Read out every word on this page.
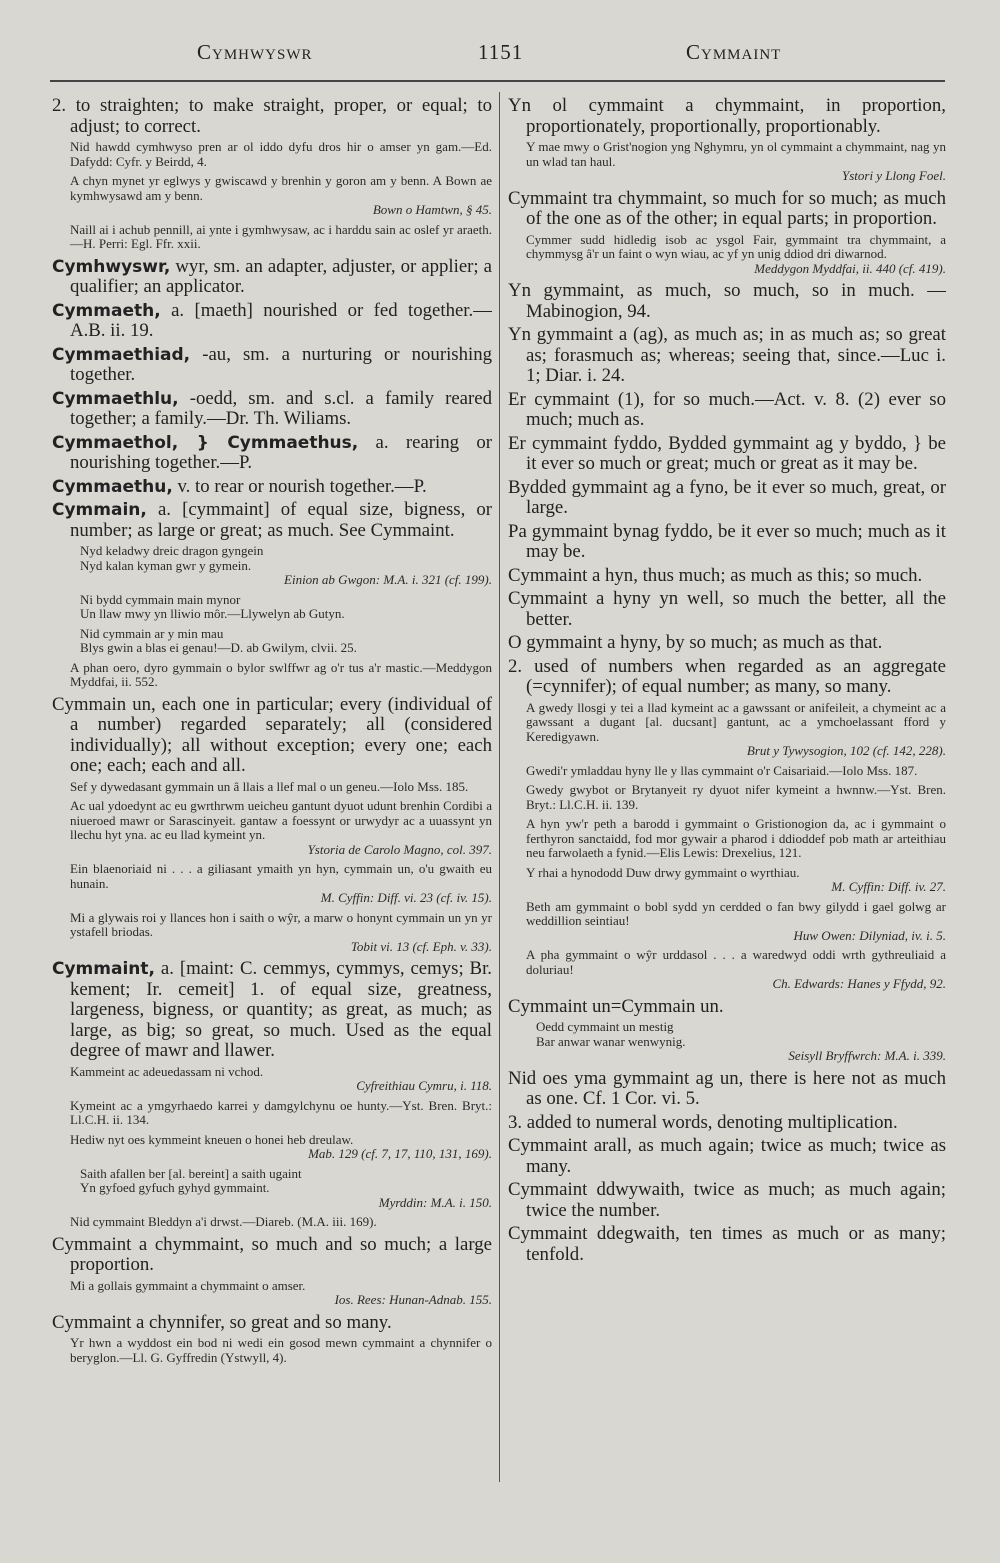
Cymhwyswr	1151	Cymmaint
2. to straighten; to make straight, proper, or equal; to adjust; to correct.
Nid hawdd cymhwyso pren ar ol iddo dyfu dros hir o amser yn gam.—Ed. Dafydd: Cyfr. y Beirdd, 4.
A chyn mynet yr eglwys y gwiscawd y brenhin y goron am y benn. A Bown ae kymhwysawd am y benn.
Bown o Hamtwn, § 45.
Naill ai i achub pennill, ai ynte i gymhwysaw, ac i harddu sain ac oslef yr araeth.—H. Perri: Egl. Ffr. xxii.
Cymhwyswr, wyr, sm. an adapter, adjuster, or applier; a qualifier; an applicator.
Cymmaeth, a. [maeth] nourished or fed together.—A.B. ii. 19.
Cymmaethiad, -au, sm. a nurturing or nourishing together.
Cymmaethlu, -oedd, sm. and s.cl. a family reared together; a family.—Dr. Th. Wiliams.
Cymmaethol, } Cymmaethus, a. rearing or nourishing together.—P.
Cymmaethu, v. to rear or nourish together.—P.
Cymmain, a. [cymmaint] of equal size, bigness, or number; as large or great; as much. See Cymmaint.
Nyd keladwy dreic dragon gyngein
Nyd kalan kyman gwr y gymein.
Einion ab Gwgon: M.A. i. 321 (cf. 199).
Ni bydd cymmain main mynor
Un llaw mwy yn lliwio môr.—Llywelyn ab Gutyn.
Nid cymmain ar y min mau
Blys gwin a blas ei genau!—D. ab Gwilym, clvii. 25.
A phan oero, dyro gymmain o bylor swlffwr ag o'r tus a'r mastic.—Meddygon Myddfai, ii. 552.
Cymmain un, each one in particular; every (individual of a number) regarded separately; all (considered individually); all without exception; every one; each one; each; each and all.
Sef y dywedasant gymmain un â llais a llef mal o un geneu.—Iolo Mss. 185.
Ac ual ydoedynt ac eu gwrthrwm ueicheu gantunt dyuot udunt brenhin Cordibi a niueroed mawr or Sarascinyeit. gantaw a foessynt or urwydyr ac a uuassynt yn llechu hyt yna. ac eu llad kymeint yn.
Ystoria de Carolo Magno, col. 397.
Ein blaenoriaid ni . . . a giliasant ymaith yn hyn, cymmain un, o'u gwaith eu hunain.
M. Cyffin: Diff. vi. 23 (cf. iv. 15).
Mi a glywais roi y llances hon i saith o wŷr, a marw o honynt cymmain un yn yr ystafell briodas.
Tobit vi. 13 (cf. Eph. v. 33).
Cymmaint, a. [maint: C. cemmys, cymmys, cemys; Br. kement; Ir. cemeit] 1. of equal size, greatness, largeness, bigness, or quantity; as great, as much; as large, as big; so great, so much. Used as the equal degree of mawr and llawer.
Kammeint ac adeuedassam ni vchod.
Cyfreithiau Cymru, i. 118.
Kymeint ac a ymgyrhaedo karrei y damgylchynu oe hunty.—Yst. Bren. Bryt.: Ll.C.H. ii. 134.
Hediw nyt oes kymmeint kneuen o honei heb dreulaw.
Mab. 129 (cf. 7, 17, 110, 131, 169).
Saith afallen ber [al. bereint] a saith ugaint
Yn gyfoed gyfuch gyhyd gymmaint.
Myrddin: M.A. i. 150.
Nid cymmaint Bleddyn a'i drwst.—Diareb. (M.A. iii. 169).
Cymmaint a chymmaint, so much and so much; a large proportion.
Mi a gollais gymmaint a chymmaint o amser.
Ios. Rees: Hunan-Adnab. 155.
Cymmaint a chynnifer, so great and so many.
Yr hwn a wyddost ein bod ni wedi ein gosod mewn cymmaint a chynnifer o beryglon.—Ll. G. Gyffredin (Ystwyll, 4).
Yn ol cymmaint a chymmaint, in proportion, proportionately, proportionally, proportionably.
Y mae mwy o Grist'nogion yng Nghymru, yn ol cymmaint a chymmaint, nag yn un wlad tan haul.
Ystori y Llong Foel.
Cymmaint tra chymmaint, so much for so much; as much of the one as of the other; in equal parts; in proportion.
Cymmer sudd hidledig isob ac ysgol Fair, gymmaint tra chymmaint, a chymmysg â'r un faint o wyn wiau, ac yf yn unig ddiod dri diwarnod.
Meddygon Myddfai, ii. 440 (cf. 419).
Yn gymmaint, as much, so much, so in much. —Mabinogion, 94.
Yn gymmaint a (ag), as much as; in as much as; so great as; forasmuch as; whereas; seeing that, since.—Luc i. 1; Diar. i. 24.
Er cymmaint (1), for so much.—Act. v. 8. (2) ever so much; much as.
Er cymmaint fyddo, Bydded gymmaint ag y byddo, } be it ever so much or great; much or great as it may be.
Bydded gymmaint ag a fyno, be it ever so much, great, or large.
Pa gymmaint bynag fyddo, be it ever so much; much as it may be.
Cymmaint a hyn, thus much; as much as this; so much.
Cymmaint a hyny yn well, so much the better, all the better.
O gymmaint a hyny, by so much; as much as that.
2. used of numbers when regarded as an aggregate (=cynnifer); of equal number; as many, so many.
A gwedy llosgi y tei a llad kymeint ac a gawssant or anifeileit, a chymeint ac a gawssant a dugant [al. ducsant] gantunt, ac a ymchoelassant fford y Keredigyawn.
Brut y Tywysogion, 102 (cf. 142, 228).
Gwedi'r ymladdau hyny lle y llas cymmaint o'r Caisariaid.—Iolo Mss. 187.
Gwedy gwybot or Brytanyeit ry dyuot nifer kymeint a hwnnw.—Yst. Bren. Bryt.: Ll.C.H. ii. 139.
A hyn yw'r peth a barodd i gymmaint o Gristionogion da, ac i gymmaint o ferthyron sanctaidd, fod mor gywair a pharod i ddioddef pob math ar arteithiau neu farwolaeth a fynid.—Elis Lewis: Drexelius, 121.
Y rhai a hynododd Duw drwy gymmaint o wyrthiau.
M. Cyffin: Diff. iv. 27.
Beth am gymmaint o bobl sydd yn cerdded o fan bwy gilydd i gael golwg ar weddillion seintiau!
Huw Owen: Dilyniad, iv. i. 5.
A pha gymmaint o wŷr urddasol . . . a waredwyd oddi wrth gythreuliaid a doluriau!
Ch. Edwards: Hanes y Ffydd, 92.
Cymmaint un=Cymmain un.
Oedd cymmaint un mestig
Bar anwar wanar wenwynig.
Seisyll Bryffwrch: M.A. i. 339.
Nid oes yma gymmaint ag un, there is here not as much as one. Cf. 1 Cor. vi. 5.
3. added to numeral words, denoting multiplication.
Cymmaint arall, as much again; twice as much; twice as many.
Cymmaint ddwywaith, twice as much; as much again; twice the number.
Cymmaint ddegwaith, ten times as much or as many; tenfold.
